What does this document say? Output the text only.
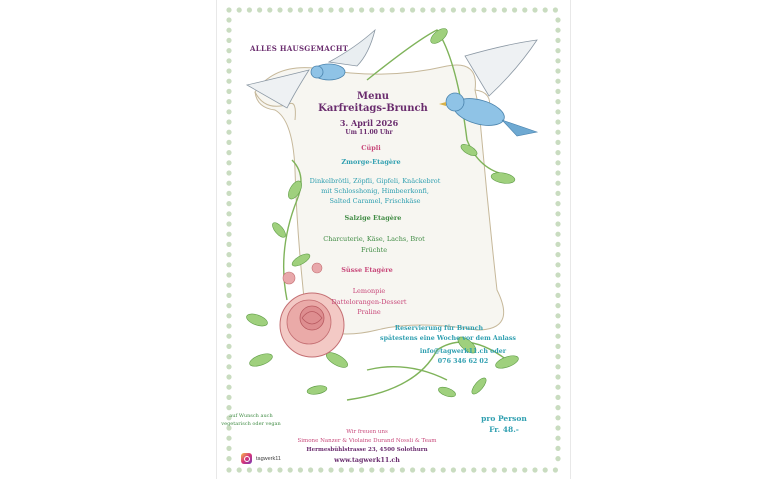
ALLES HAUSGEMACHT
Menu
Karfreitags-Brunch
3. April 2026
Um 11.00 Uhr
Cüpli
Zmorge-Etagère
Dinkelbrötli, Zöpfli, Gipfeli, Knäckebrot
mit Schlosshonig, Himbeerkonfi,
Salted Caramel, Frischkäse
Salzige Etagère
Charcuterie, Käse, Lachs, Brot
Früchte
Süsse Etagère
Lemonpie
Dattelorangen-Dessert
Praline
Reservierung für Brunch
spätestens eine Woche vor dem Anlass
info@tagwerk11.ch oder
076 346 62 02
auf Wunsch auch
vegetarisch oder vegan
pro Person
Fr. 48.-
Wir freuen uns
Simone Nanzer & Violaine Durand Nossli & Team
Hermesbühlstrasse 23, 4500 Solothurn
www.tagwerk11.ch
tagwerk11
